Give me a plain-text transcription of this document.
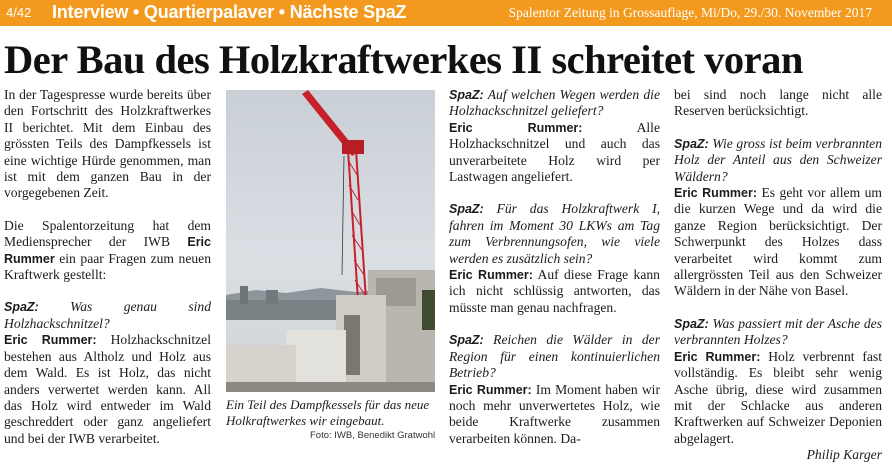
4/42 Interview • Quartierpalaver • Nächste SpaZ	Spalentor Zeitung in Grossauflage, Mi/Do, 29./30. November 2017
Der Bau des Holzkraftwerkes II schreitet voran

In der Tagespresse wurde bereits über den Fortschritt des Holzkraftwerkes II berichtet. Mit dem Einbau des grössten Teils des Dampfkessels ist eine wichtige Hürde genommen, man ist mit dem ganzen Bau in der vorgegebenen Zeit.

Die Spalentorzeitung hat dem Mediensprecher der IWB Eric Rummer ein paar Fragen zum neuen Kraftwerk gestellt:

SpaZ: Was genau sind Holzhackschnitzel?

Eric Rummer: Holzhackschnitzel bestehen aus Altholz und Holz aus dem Wald. Es ist Holz, das nicht anders verwertet werden kann. All das Holz wird entweder im Wald geschreddert oder ganz angeliefert und bei der IWB verarbeitet.

Ein Teil des Dampfkessels für das neue Holkraftwerkes wir eingebaut.
Foto: IWB, Benedikt Gratwohl

SpaZ: Auf welchen Wegen werden die Holzhackschnitzel geliefert?

Eric Rummer:	Alle Holzhackschnitzel und auch das unverarbeitete Holz wird per Lastwagen angeliefert.

SpaZ: Für das Holzkraftwerk I, fahren im Moment 30 LKWs am Tag zum Verbrennungsofen, wie viele werden es zusätzlich sein?

Eric Rummer: Auf diese Frage kann ich nicht schlüssig antworten, das müsste man genau nachfragen.

SpaZ: Reichen die Wälder in der Region für einen kontinuierlichen Betrieb?

Eric Rummer: Im Moment haben wir noch mehr unverwertetes Holz, wie beide Kraftwerke zusammen verarbeiten können. Da-

bei sind noch lange nicht alle Reserven berücksichtigt.

SpaZ: Wie gross ist beim verbrannten Holz der Anteil aus den Schweizer Wäldern?

Eric Rummer: Es geht vor allem um die kurzen Wege und da wird die ganze Region berücksichtigt. Der Schwerpunkt des Holzes dass verarbeitet wird kommt zum allergrössten Teil aus den Schweizer Wäldern in der Nähe von Basel.

SpaZ: Was passiert mit der Asche des verbrannten Holzes?

Eric Rummer: Holz verbrennt fast vollständig. Es bleibt sehr wenig Asche übrig, diese wird zusammen mit der Schlacke aus anderen Kraftwerken auf Schweizer Deponien abgelagert.

Philip Karger
